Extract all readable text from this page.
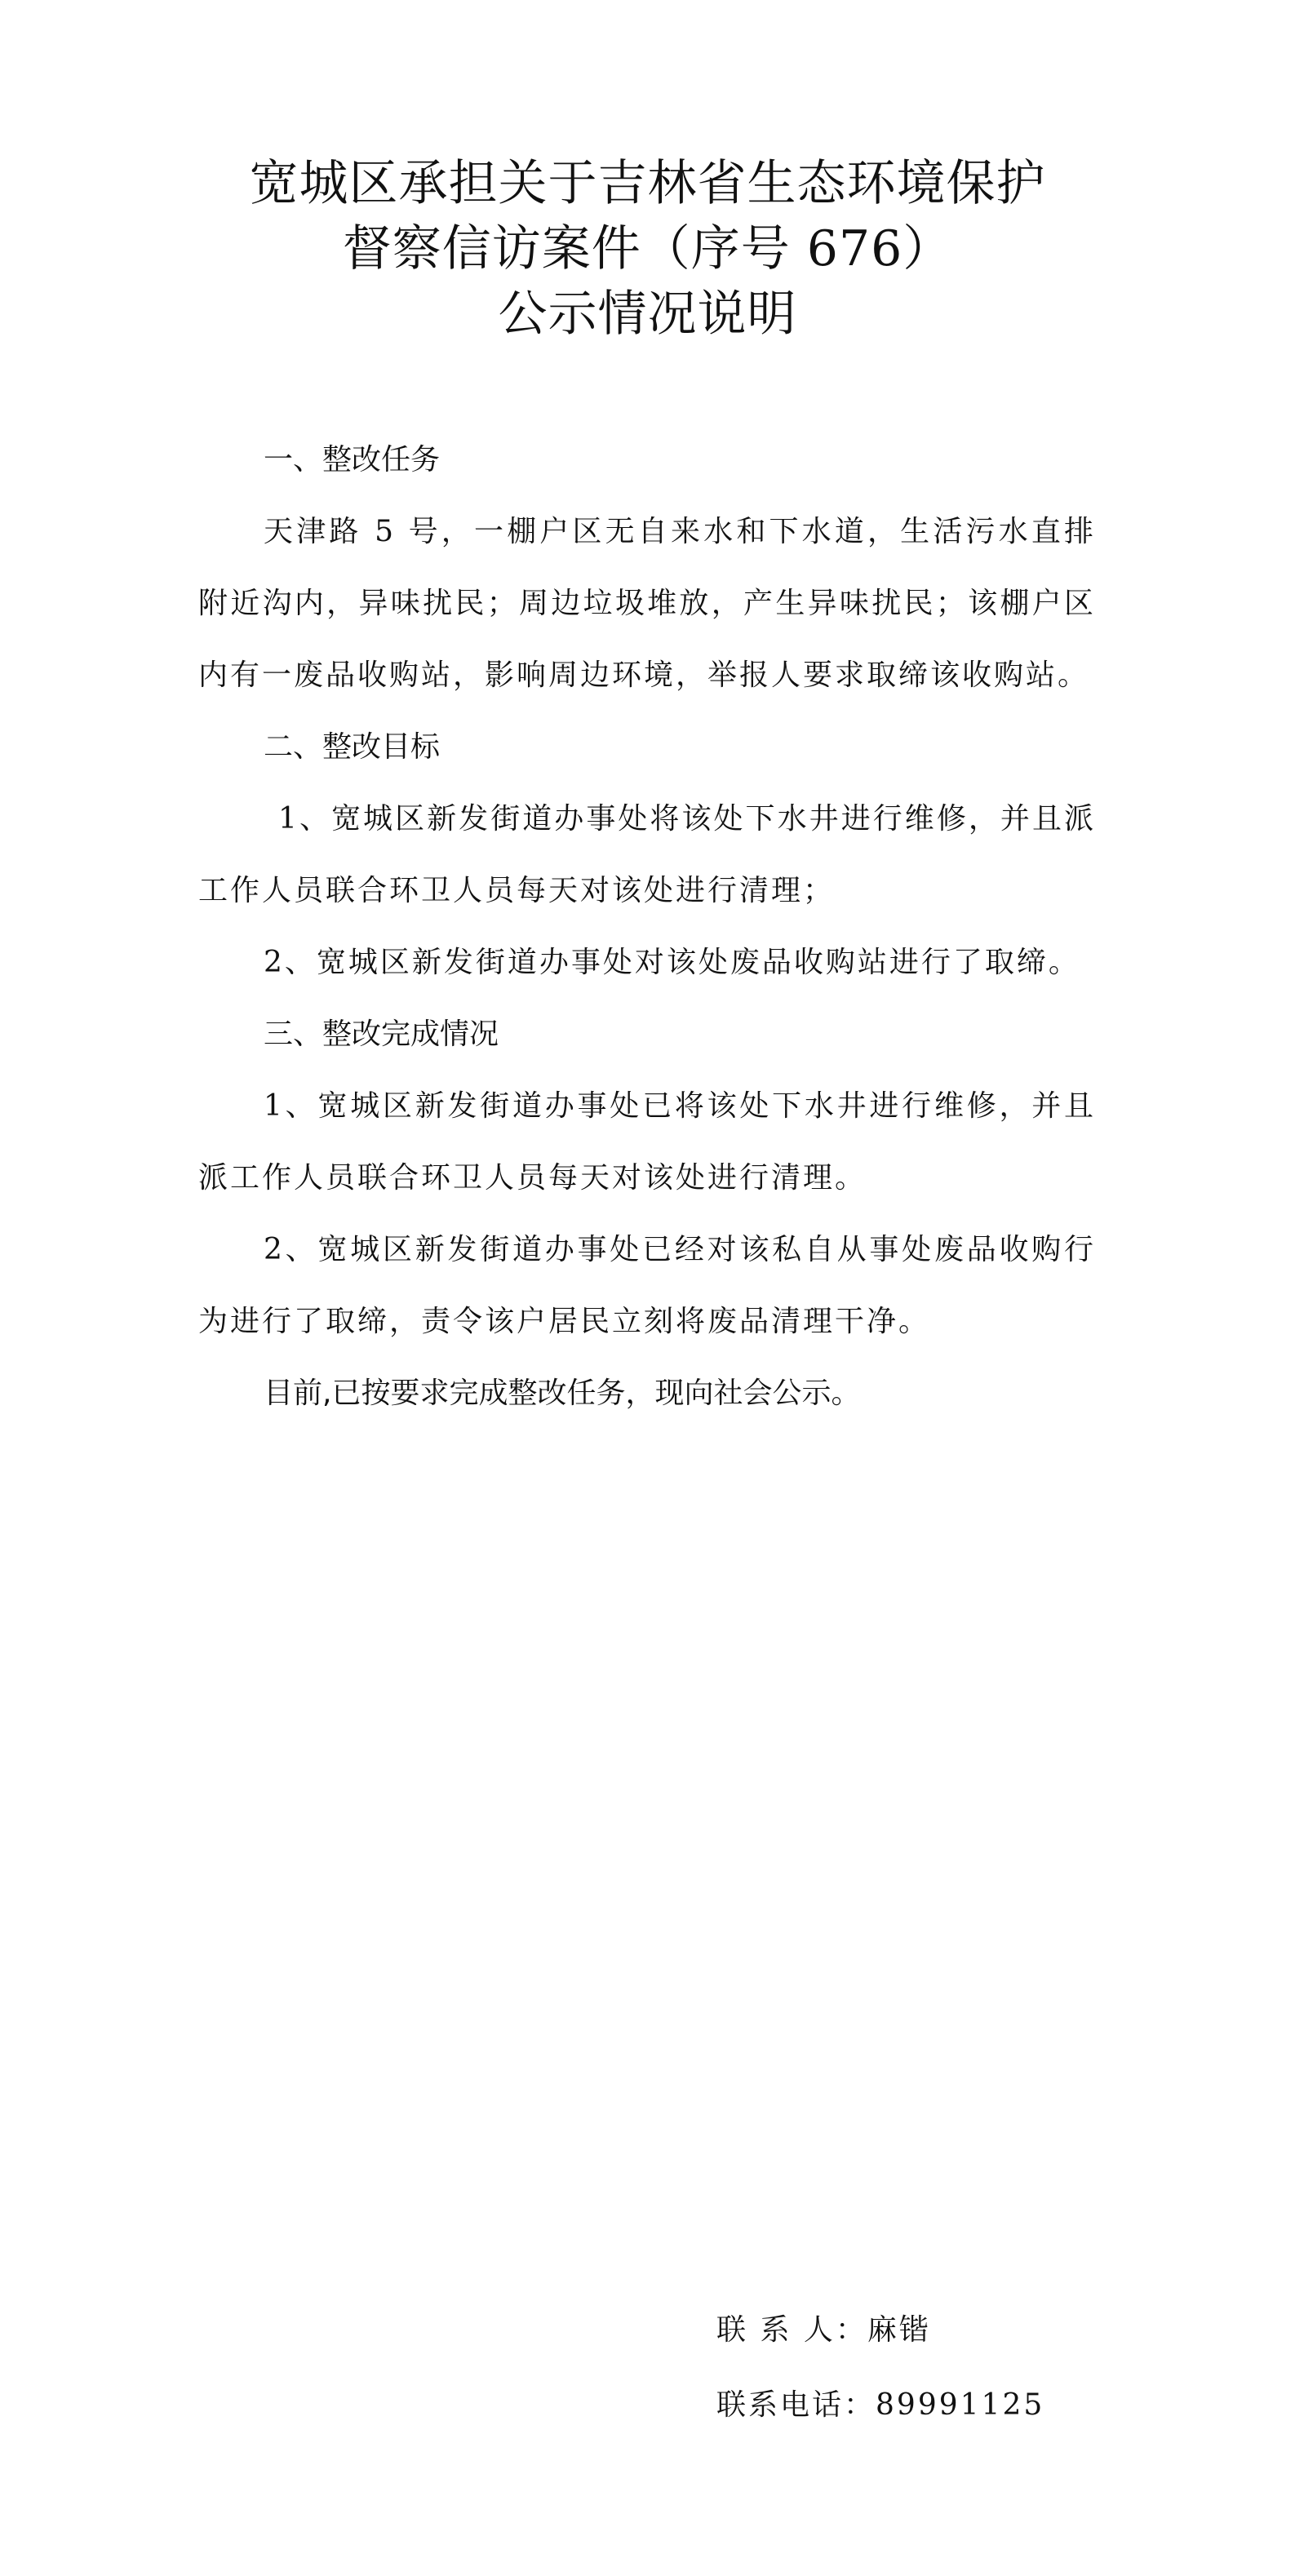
宽城区承担关于吉林省生态环境保护
督察信访案件（序号 676）
公示情况说明

一、整改任务

天津路 5 号，一棚户区无自来水和下水道，生活污水直排附近沟内，异味扰民；周边垃圾堆放，产生异味扰民；该棚户区内有一废品收购站，影响周边环境，举报人要求取缔该收购站。

二、整改目标

1、宽城区新发街道办事处将该处下水井进行维修，并且派工作人员联合环卫人员每天对该处进行清理；

2、宽城区新发街道办事处对该处废品收购站进行了取缔。

三、整改完成情况

1、宽城区新发街道办事处已将该处下水井进行维修，并且派工作人员联合环卫人员每天对该处进行清理。

2、宽城区新发街道办事处已经对该私自从事处废品收购行为进行了取缔，责令该户居民立刻将废品清理干净。

目前,已按要求完成整改任务，现向社会公示。

联 系 人：麻锴
联系电话：89991125
